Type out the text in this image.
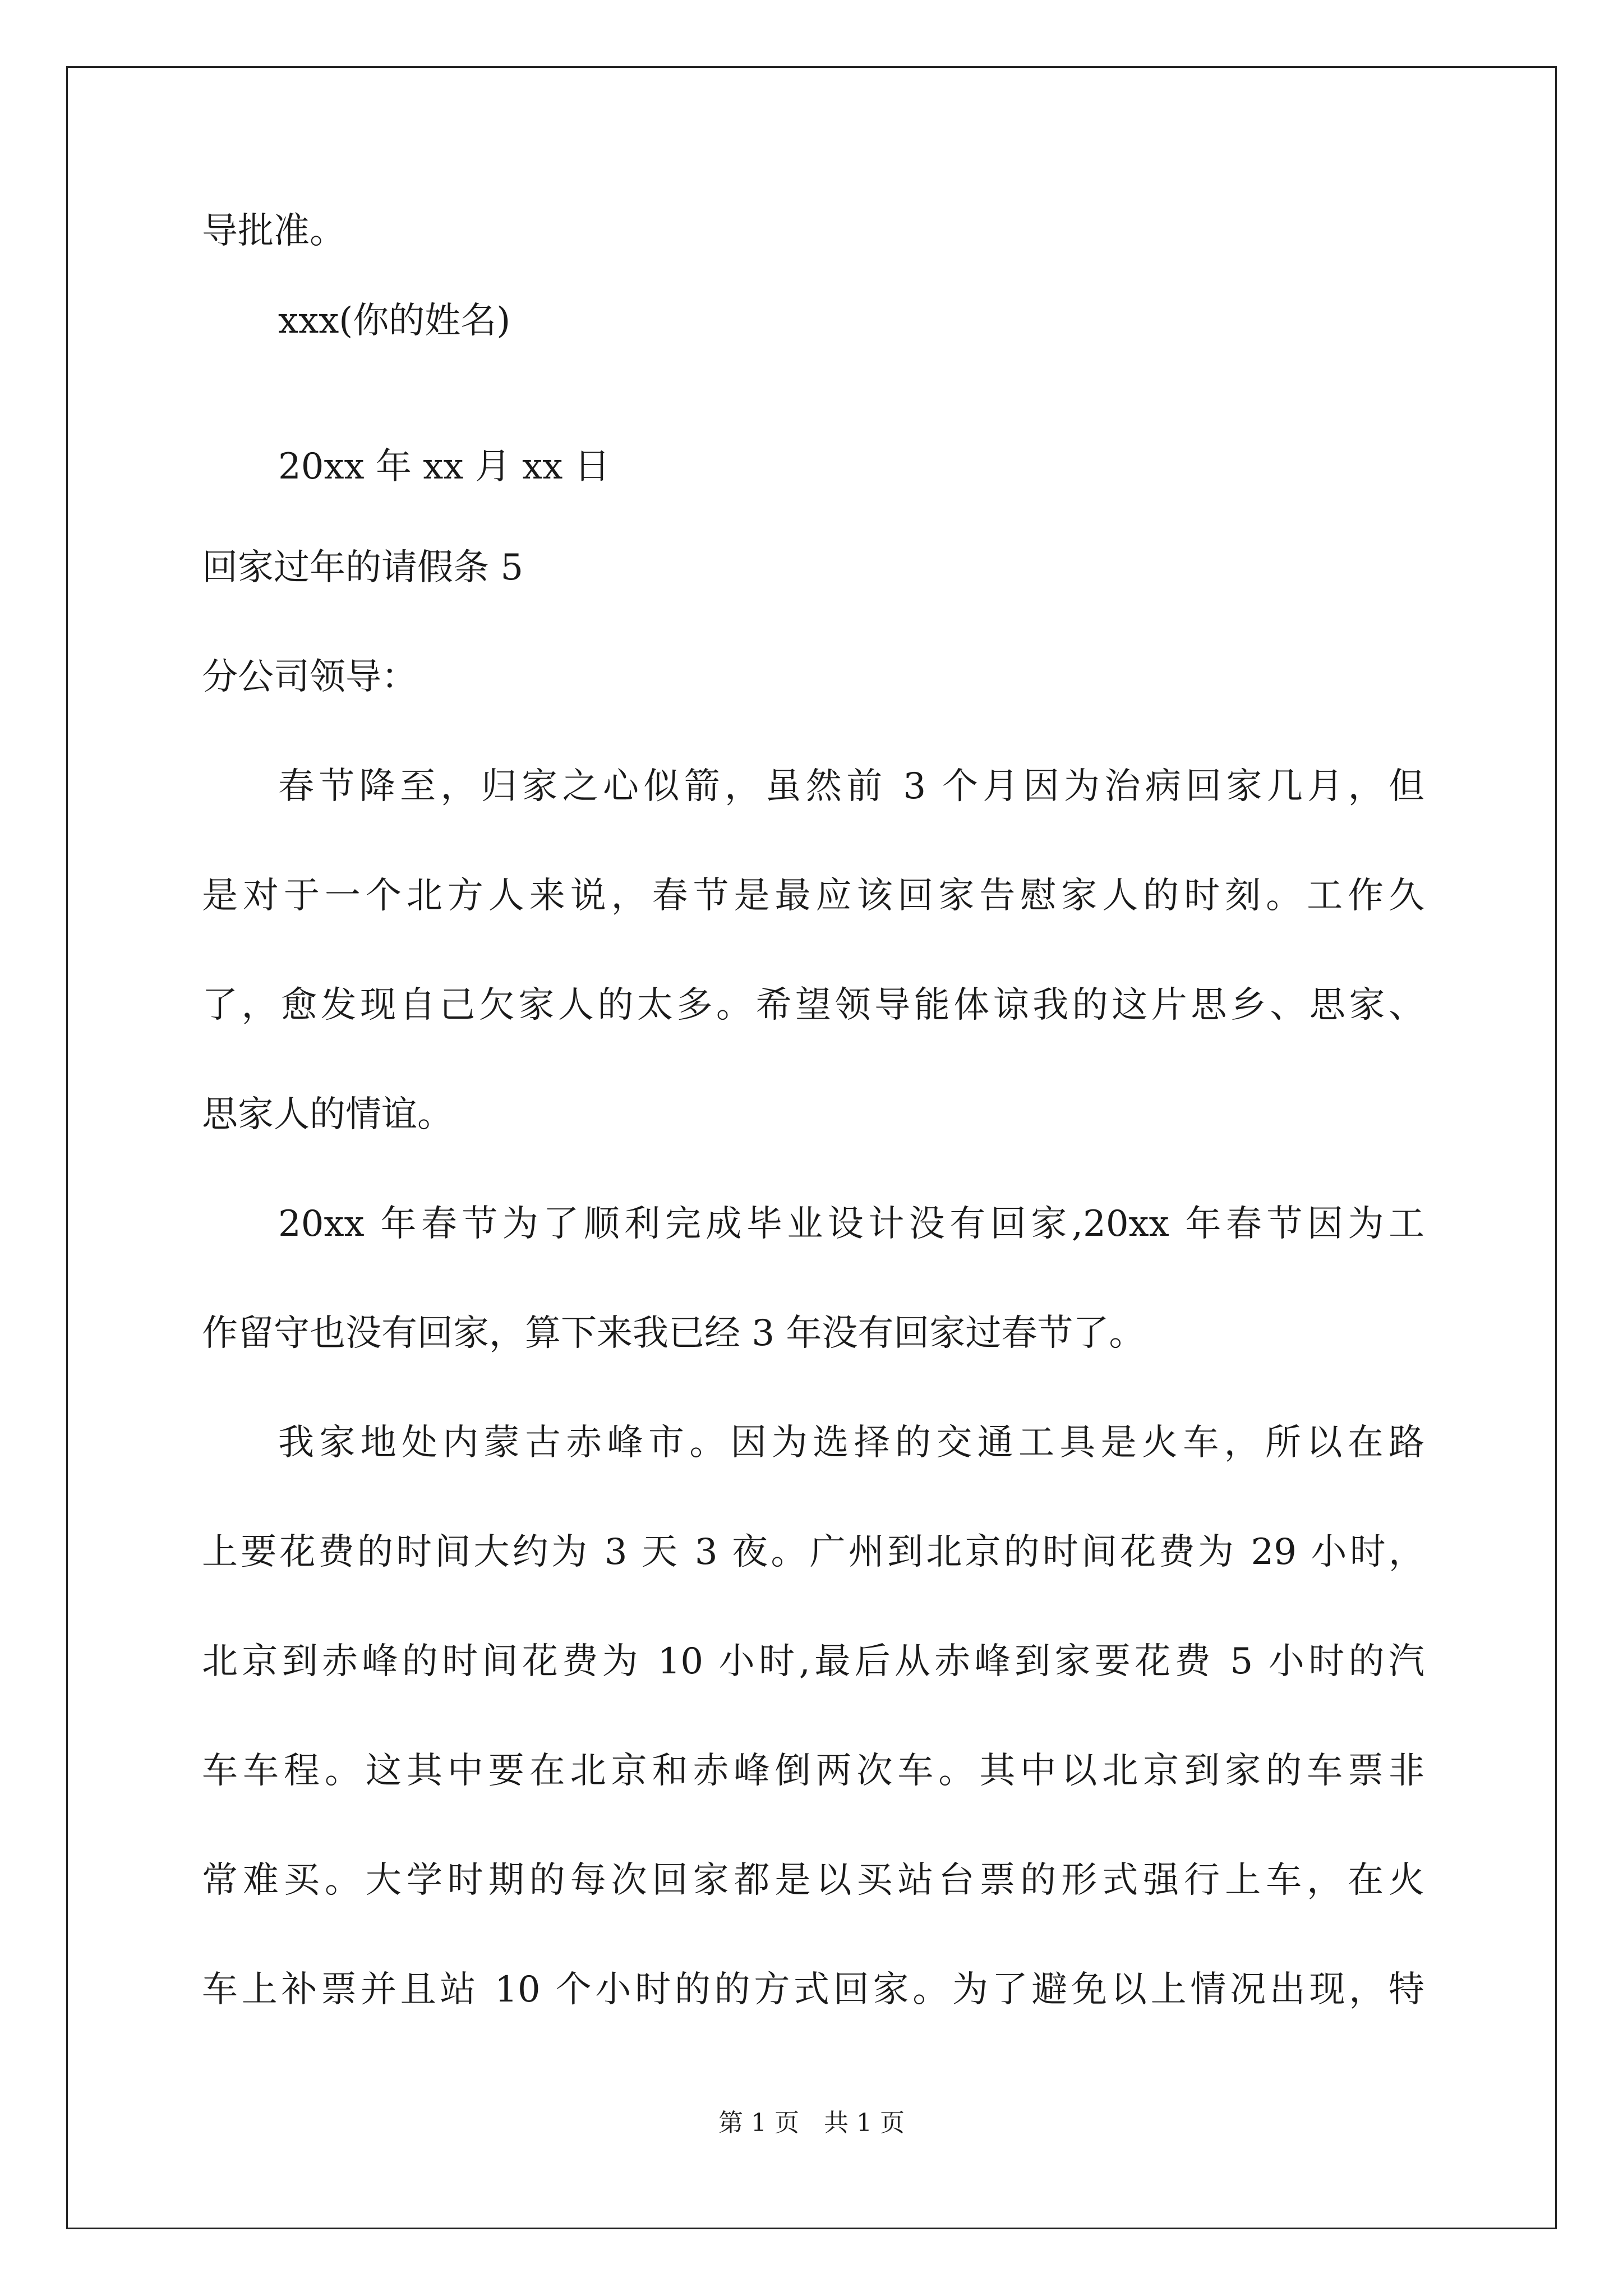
导批准。
xxx(你的姓名)
20xx 年 xx 月 xx 日
回家过年的请假条 5
分公司领导：
春节降至，归家之心似箭，虽然前 3 个月因为治病回家几月，但
是对于一个北方人来说，春节是最应该回家告慰家人的时刻。工作久
了，愈发现自己欠家人的太多。希望领导能体谅我的这片思乡、思家、
思家人的情谊。
20xx 年春节为了顺利完成毕业设计没有回家,20xx 年春节因为工
作留守也没有回家，算下来我已经 3 年没有回家过春节了。
我家地处内蒙古赤峰市。因为选择的交通工具是火车，所以在路
上要花费的时间大约为 3 天 3 夜。广州到北京的时间花费为 29 小时，
北京到赤峰的时间花费为 10 小时,最后从赤峰到家要花费 5 小时的汽
车车程。这其中要在北京和赤峰倒两次车。其中以北京到家的车票非
常难买。大学时期的每次回家都是以买站台票的形式强行上车，在火
车上补票并且站 10 个小时的的方式回家。为了避免以上情况出现，特
第 1 页　共 1 页
